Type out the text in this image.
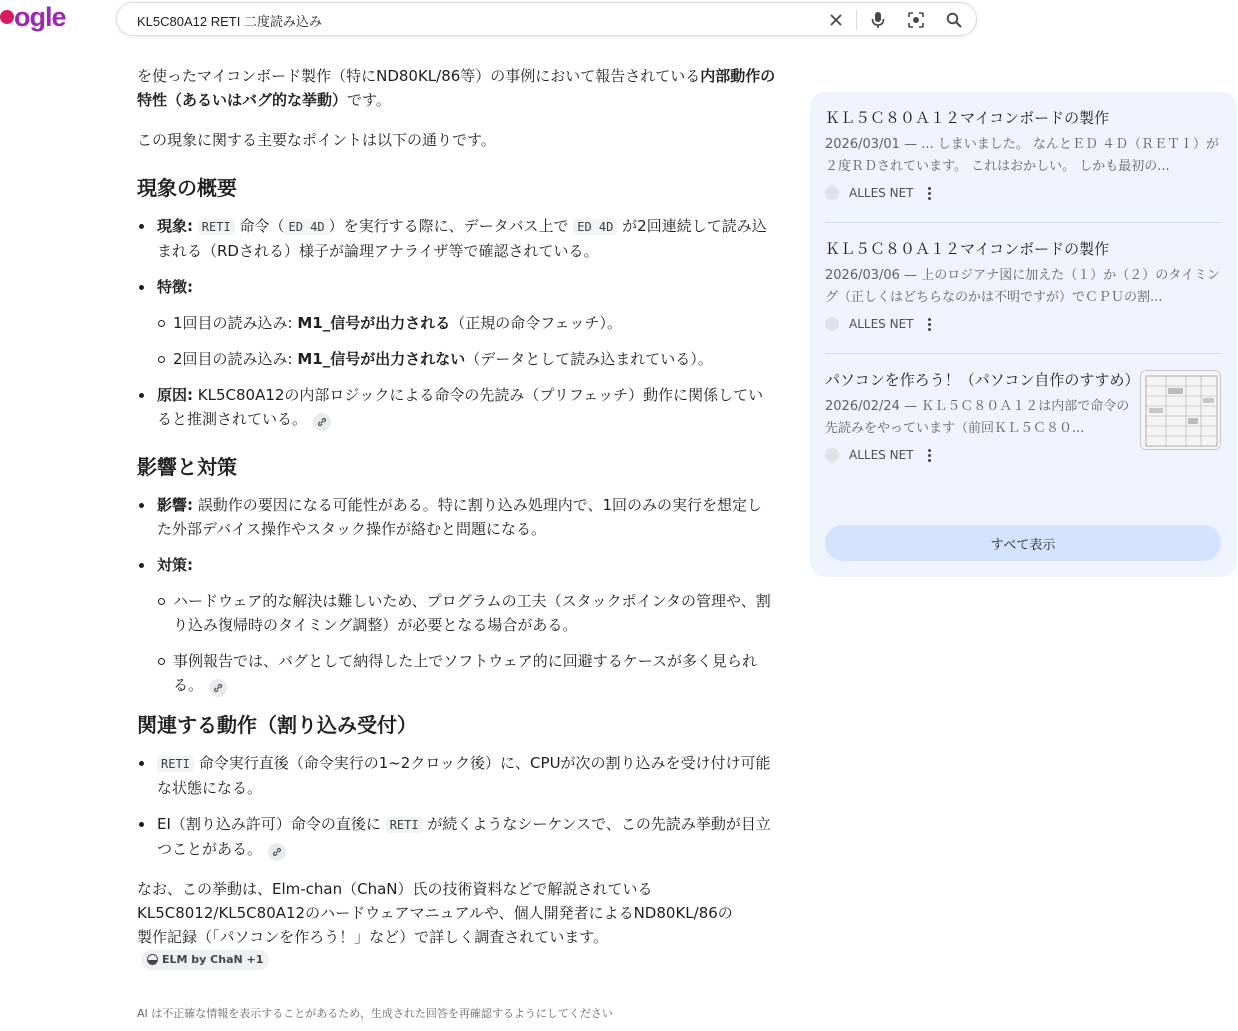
ogle	KL5C80A12 RETI 二度読み込み

を使ったマイコンボード製作（特にND80KL/86等）の事例において報告されている内部動作の特性（あるいはバグ的な挙動）です。

この現象に関する主要なポイントは以下の通りです。

現象の概要
現象: RETI 命令（ ED 4D ）を実行する際に、データバス上で ED 4D が2回連続して読み込まれる（RDされる）様子が論理アナライザ等で確認されている。
特徴:
1回目の読み込み: M1_信号が出力される（正規の命令フェッチ）。
2回目の読み込み: M1_信号が出力されない（データとして読み込まれている）。
原因: KL5C80A12の内部ロジックによる命令の先読み（プリフェッチ）動作に関係していると推測されている。
影響と対策
影響: 誤動作の要因になる可能性がある。特に割り込み処理内で、1回のみの実行を想定した外部デバイス操作やスタック操作が絡むと問題になる。
対策:
ハードウェア的な解決は難しいため、プログラムの工夫（スタックポインタの管理や、割り込み復帰時のタイミング調整）が必要となる場合がある。
事例報告では、バグとして納得した上でソフトウェア的に回避するケースが多く見られる。
関連する動作（割り込み受付）
RETI 命令実行直後（命令実行の1~2クロック後）に、CPUが次の割り込みを受け付け可能な状態になる。
EI（割り込み許可）命令の直後に RETI が続くようなシーケンスで、この先読み挙動が目立つことがある。

なお、この挙動は、Elm-chan（ChaN）氏の技術資料などで解説されているKL5C8012/KL5C80A12のハードウェアマニュアルや、個人開発者によるND80KL/86の製作記録（「パソコンを作ろう！」など）で詳しく調査されています。
ELM by ChaN +1

AI は不正確な情報を表示することがあるため、生成された回答を再確認するようにしてください
ＫＬ５Ｃ８０Ａ１２マイコンボードの製作
2026/03/01 — ... しまいました。 なんとＥＤ ４Ｄ（ＲＥＴＩ）が２度ＲＤされています。 これはおかしい。 しかも最初の...
ALLES NET
ＫＬ５Ｃ８０Ａ１２マイコンボードの製作
2026/03/06 — 上のロジアナ図に加えた（１）か（２）のタイミング（正しくはどちらなのかは不明ですが）でＣＰＵの割...
ALLES NET
パソコンを作ろう！（パソコン自作のすすめ）
2026/02/24 — ＫＬ５Ｃ８０Ａ１２は内部で命令の先読みをやっています（前回ＫＬ５Ｃ８０...
ALLES NET
すべて表示
